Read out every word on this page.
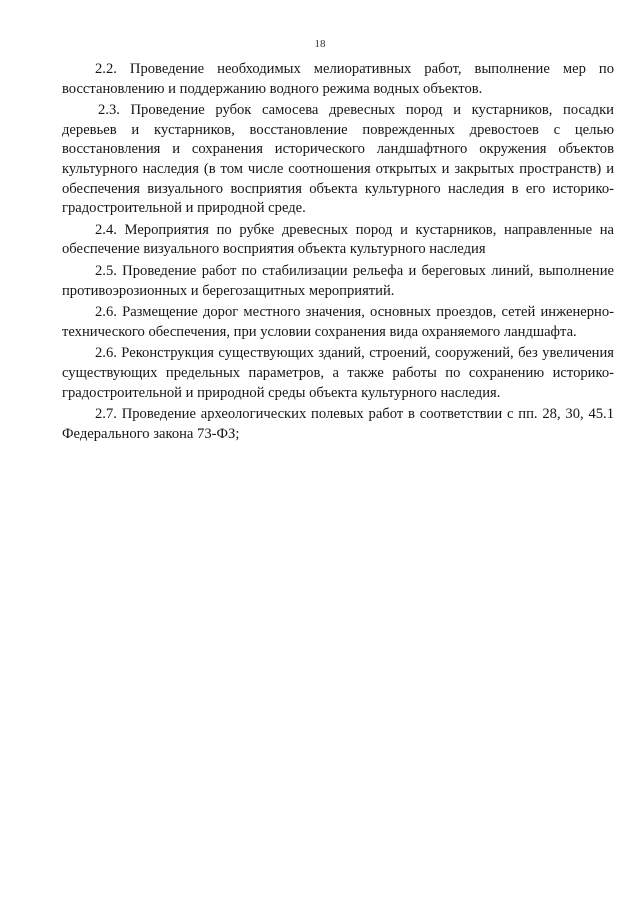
18

2.2. Проведение необходимых мелиоративных работ, выполнение мер по восстановлению и поддержанию водного режима водных объектов.

2.3. Проведение рубок самосева древесных пород и кустарников, посадки деревьев и кустарников, восстановление поврежденных древостоев с целью восстановления и сохранения исторического ландшафтного окружения объектов культурного наследия (в том числе соотношения открытых и закрытых пространств) и обеспечения визуального восприятия объекта культурного наследия в его историко-градостроительной и природной среде.

2.4. Мероприятия по рубке древесных пород и кустарников, направленные на обеспечение визуального восприятия объекта культурного наследия

2.5. Проведение работ по стабилизации рельефа и береговых линий, выполнение противоэрозионных и берегозащитных мероприятий.

2.6. Размещение дорог местного значения, основных проездов, сетей инженерно-технического обеспечения, при условии сохранения вида охраняемого ландшафта.

2.6. Реконструкция существующих зданий, строений, сооружений, без увеличения существующих предельных параметров, а также работы по сохранению историко-градостроительной и природной среды объекта культурного наследия.

2.7. Проведение археологических полевых работ в соответствии с пп. 28, 30, 45.1 Федерального закона 73-ФЗ;
